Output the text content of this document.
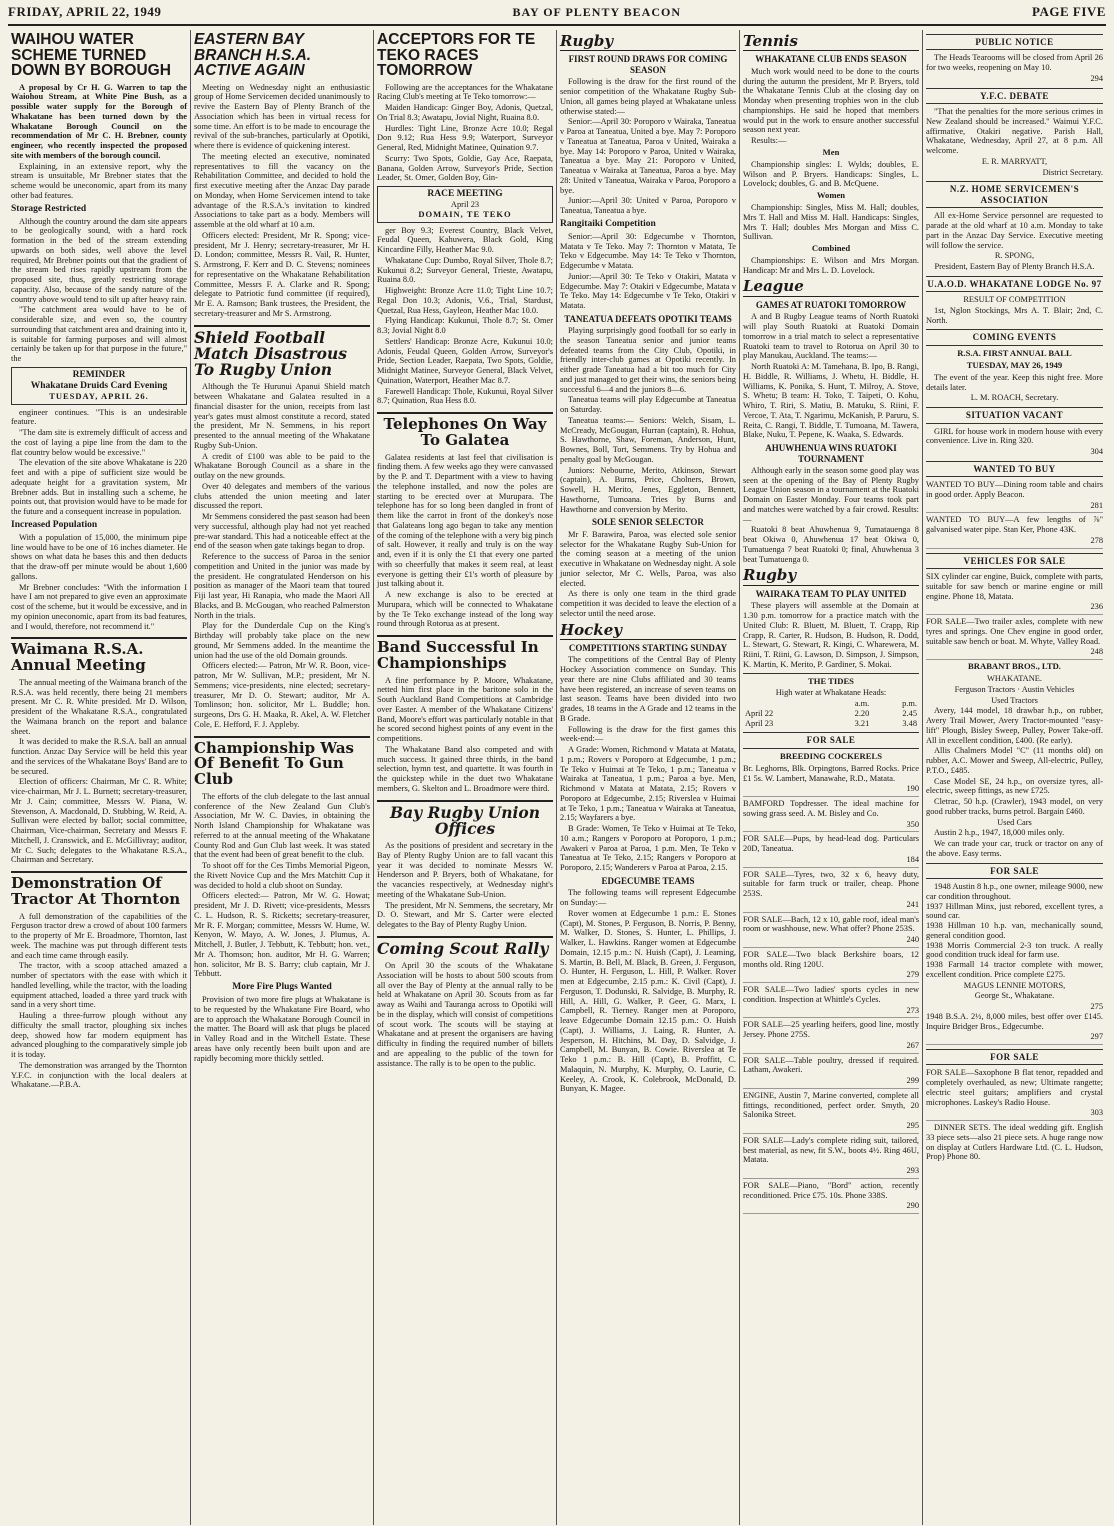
FRIDAY, APRIL 22, 1949	BAY OF PLENTY BEACON	PAGE FIVE
WAIHOU WATER SCHEME TURNED DOWN BY BOROUGH

A proposal by Cr H. G. Warren to tap the Waiohou Stream, at White Pine Bush, as a possible water supply for the Borough of Whakatane has been turned down by the Whakatane Borough Council on the recommendation of Mr C. H. Brebner, county engineer, who recently inspected the proposed site with members of the borough council.

Explaining, in an extensive report, why the stream is unsuitable, Mr Brebner states that the scheme would be uneconomic, apart from its many other bad features.

Storage Restricted

Although the country around the dam site appears to be geologically sound, with a hard rock formation in the bed of the stream extending upwards on both sides, well above the level required, Mr Brebner points out that the gradient of the stream bed rises rapidly upstream from the proposed site, thus, greatly restricting storage capacity. Also, because of the sandy nature of the country above would tend to silt up after heavy rain.

"The catchment area would have to be of considerable size, and even so, the country surrounding that catchment area and draining into it, is suitable for farming purposes and will almost certainly be taken up for that purpose in the future," the

REMINDER
Whakatane Druids Card Evening
TUESDAY, APRIL 26.

engineer continues. "This is an undesirable feature.

"The dam site is extremely difficult of access and the cost of laying a pipe line from the dam to the flat country below would be excessive."

The elevation of the site above Whakatane is 220 feet and with a pipe of sufficient size would be adequate height for a gravitation system, Mr Brebner adds. But in installing such a scheme, he points out, that provision would have to be made for the future and a consequent increase in population.

Increased Population

With a population of 15,000, the minimum pipe line would have to be one of 16 inches diameter. He shows on what data he bases this and then deducts that the draw-off per minute would be about 1,600 gallons.

Mr Brebner concludes: "With the information I have I am not prepared to give even an approximate cost of the scheme, but it would be excessive, and in my opinion uneconomic, apart from its bad features, and I would, therefore, not recommend it."

Waimana R.S.A. Annual Meeting

The annual meeting of the Waimana branch of the R.S.A. was held recently, there being 21 members present. Mr C. R. White presided. Mr D. Wilson, president of the Whakatane R.S.A., congratulated the Waimana branch on the report and balance sheet.

It was decided to make the R.S.A. ball an annual function. Anzac Day Service will be held this year and the services of the Whakatane Boys' Band are to be secured.

Election of officers: Chairman, Mr C. R. White; vice-chairman, Mr J. L. Burnett; secretary-treasurer, Mr J. Cain; committee, Messrs W. Piana, W. Stevenson, A. Macdonald, D. Stubbing, W. Reid, A. Sullivan were elected by ballot; social committee, Chairman, Vice-chairman, Secretary and Messrs F. Mitchell, J. Cranswick, and E. McGillivray; auditor, Mr C. Such; delegates to the Whakatane R.S.A., Chairman and Secretary.

Demonstration Of Tractor At Thornton

A full demonstration of the capabilities of the Ferguson tractor drew a crowd of about 100 farmers to the property of Mr E. Broadmore, Thornton, last week. The machine was put through different tests and each time came through easily.

The tractor, with a scoop attached amazed a number of spectators with the ease with which it handled levelling, while the tractor, with the loading equipment attached, loaded a three yard truck with sand in a very short time.

Hauling a three-furrow plough without any difficulty the small tractor, ploughing six inches deep, showed how far modern equipment has advanced ploughing to the comparatively simple job it is today.

The demonstration was arranged by the Thornton Y.F.C. in conjunction with the local dealers at Whakatane.—P.B.A.

EASTERN BAY BRANCH H.S.A. ACTIVE AGAIN

Meeting on Wednesday night an enthusiastic group of Home Servicemen decided unanimously to revive the Eastern Bay of Plenty Branch of the Association which has been in virtual recess for some time. An effort is to be made to encourage the revival of the sub-branches, particularly at Opotiki, where there is evidence of quickening interest.

The meeting elected an executive, nominated representatives to fill the vacancy on the Rehabilitation Committee, and decided to hold the first executive meeting after the Anzac Day parade on Monday, when Home Servicemen intend to take advantage of the R.S.A.'s invitation to kindred Associations to take part as a body. Members will assemble at the old wharf at 10 a.m.

Officers elected: President, Mr R. Spong; vice-president, Mr J. Henry; secretary-treasurer, Mr H. D. London; committee, Messrs R. Vail, R. Hunter, S. Armstrong, F. Kerr and D. C. Stevens; nominees for representative on the Whakatane Rehabilitation Committee, Messrs F. A. Clarke and R. Spong; delegate to Patriotic fund committee (if required), Mr E. A. Ramson; Bank trustees, the President, the secretary-treasurer and Mr S. Armstrong.

Shield Football Match Disastrous To Rugby Union

Although the Te Hurunui Apanui Shield match between Whakatane and Galatea resulted in a financial disaster for the union, receipts from last year's gates must almost constitute a record, stated the president, Mr N. Semmens, in his report presented to the annual meeting of the Whakatane Rugby Sub-Union.

A credit of £100 was able to be paid to the Whakatane Borough Council as a share in the outlay on the new grounds.

Over 40 delegates and members of the various clubs attended the union meeting and later discussed the report.

Mr Semmens considered the past season had been very successful, although play had not yet reached pre-war standard. This had a noticeable effect at the end of the season when gate takings began to drop.

Reference to the success of Paroa in the senior competition and United in the junior was made by the president. He congratulated Henderson on his position as manager of the Maori team that toured Fiji last year, Hi Ranapia, who made the Maori All Blacks, and B. McGougan, who reached Palmerston North in the trials.

Play for the Dunderdale Cup on the King's Birthday will probably take place on the new ground, Mr Semmens added. In the meantime the union had the use of the old Domain grounds.

Officers elected:— Patron, Mr W. R. Boon, vice-patron, Mr W. Sullivan, M.P.; president, Mr N. Semmens; vice-presidents, nine elected; secretary-treasurer, Mr D. O. Stewart; auditor, Mr A. Tomlinson; hon. solicitor, Mr L. Buddle; hon. surgeons, Drs G. H. Maaka, R. Akel, A. W. Fletcher Cole, E. Hefford, F. J. Appleby.

Championship Was Of Benefit To Gun Club

The efforts of the club delegate to the last annual conference of the New Zealand Gun Club's Association, Mr W. C. Davies, in obtaining the North Island Championship for Whakatane was referred to at the annual meeting of the Whakatane County Rod and Gun Club last week. It was stated that the event had been of great benefit to the club.

To shoot off for the Ces Timbs Memorial Pigeon, the Rivett Novice Cup and the Mrs Matchitt Cup it was decided to hold a club shoot on Sunday.

Officers elected:— Patron, Mr W. G. Howat; president, Mr J. D. Rivett; vice-presidents, Messrs C. L. Hudson, R. S. Ricketts; secretary-treasurer, Mr R. F. Morgan; committee, Messrs W. Hume, W. Kenyon, W. Mayo, A. W. Jones, J. Plumus, A. Mitchell, J. Butler, J. Tebbutt, K. Tebbutt; hon. vet., Mr A. Thomson; hon. auditor, Mr H. G. Warren; hon. solicitor, Mr B. S. Barry; club captain, Mr J. Tebbutt.

More Fire Plugs Wanted

Provision of two more fire plugs at Whakatane is to be requested by the Whakatane Fire Board, who are to approach the Whakatane Borough Council in the matter. The Board will ask that plugs be placed in Valley Road and in the Witchell Estate. These areas have only recently been built upon and are rapidly becoming more thickly settled.

ACCEPTORS FOR TE TEKO RACES TOMORROW

Following are the acceptances for the Whakatane Racing Club's meeting at Te Teko tomorrow:—

Maiden Handicap: Ginger Boy, Adonis, Quetzal, On Trial 8.3; Awatapu, Jovial Night, Ruaina 8.0.

Hurdles: Tight Line, Bronze Acre 10.0; Regal Don 9.12; Rua Hess 9.9; Waterport, Surveyor General, Red, Midnight Matinee, Quination 9.7.

Scurry: Two Spots, Goldie, Gay Ace, Raepata, Banana, Golden Arrow, Surveyor's Pride, Section Leader, St. Omer, Golden Boy, Gin-

RACE MEETING
April 23
DOMAIN, TE TEKO

ger Boy 9.3; Everest Country, Black Velvet, Feudal Queen, Kahuwera, Black Gold, King Kincardine Filly, Heather Mac 9.0.

Whakatane Cup: Dumbo, Royal Silver, Thole 8.7; Kukunui 8.2; Surveyor General, Trieste, Awatapu, Ruaina 8.0.

Highweight: Bronze Acre 11.0; Tight Line 10.7; Regal Don 10.3; Adonis, V.6., Trial, Stardust, Quetzal, Rua Hess, Gayleon, Heather Mac 10.0.

Flying Handicap: Kukunui, Thole 8.7; St. Omer 8.3; Jovial Night 8.0

Settlers' Handicap: Bronze Acre, Kukunui 10.0; Adonis, Feudal Queen, Golden Arrow, Surveyor's Pride, Section Leader, Raepata, Two Spots, Goldie, Midnight Matinee, Surveyor General, Black Velvet, Quination, Waterport, Heather Mac 8.7.

Farewell Handicap: Thole, Kukunui, Royal Silver 8.7; Quination, Rua Hess 8.0.

Telephones On Way To Galatea

Galatea residents at last feel that civilisation is finding them. A few weeks ago they were canvassed by the P. and T. Department with a view to having the telephone installed, and now the poles are starting to be erected over at Murupara. The telephone has for so long been dangled in front of them like the carrot in front of the donkey's nose that Galateans long ago began to take any mention of the coming of the telephone with a very big pinch of salt. However, it really and truly is on the way and, even if it is only the £1 that every one parted with so cheerfully that makes it seem real, at least everyone is getting their £1's worth of pleasure by just talking about it.

A new exchange is also to be erected at Murupara, which will be connected to Whakatane by the Te Teko exchange instead of the long way round through Rotorua as at present.

Band Successful In Championships

A fine performance by P. Moore, Whakatane, netted him first place in the baritone solo in the South Auckland Band Competitions at Cambridge over Easter. A member of the Whakatane Citizens' Band, Moore's effort was particularly notable in that he scored second highest points of any event in the competitions.

The Whakatane Band also competed and with much success. It gained three thirds, in the band selection, hymn test, and quartette. It was fourth in the quickstep while in the duet two Whakatane members, G. Skelton and L. Broadmore were third.

Bay Rugby Union Offices

As the positions of president and secretary in the Bay of Plenty Rugby Union are to fall vacant this year it was decided to nominate Messrs W. Henderson and P. Bryers, both of Whakatane, for the vacancies respectively, at Wednesday night's meeting of the Whakatane Sub-Union.

The president, Mr N. Semmens, the secretary, Mr D. O. Stewart, and Mr S. Carter were elected delegates to the Bay of Plenty Rugby Union.

Coming Scout Rally

On April 30 the scouts of the Whakatane Association will be hosts to about 500 scouts from all over the Bay of Plenty at the annual rally to be held at Whakatane on April 30. Scouts from as far away as Waihi and Tauranga across to Opotiki will be in the display, which will consist of competitions of scout work. The scouts will be staying at Whakatane and at present the organisers are having difficulty in finding the required number of billets and are appealing to the public of the town for assistance. The rally is to be open to the public.

Rugby
FIRST ROUND DRAWS FOR COMING SEASON

Following is the draw for the first round of the senior competition of the Whakatane Rugby Sub-Union, all games being played at Whakatane unless otherwise stated:—

Senior:—April 30: Poroporo v Wairaka, Taneatua v Paroa at Taneatua, United a bye. May 7: Poroporo v Taneatua at Taneatua, Paroa v United, Wairaka a bye. May 14: Poroporo v Paroa, United v Wairaka, Taneatua a bye. May 21: Poroporo v United, Taneatua v Wairaka at Taneatua, Paroa a bye. May 28: United v Taneatua, Wairaka v Paroa, Poroporo a bye.

Junior:—April 30: United v Paroa, Poroporo v Taneatua, Taneatua a bye.

Rangitaiki Competition

Senior:—April 30: Edgecumbe v Thornton, Matata v Te Teko. May 7: Thornton v Matata, Te Teko v Edgecumbe. May 14: Te Teko v Thornton, Edgecumbe v Matata.

Junior:—April 30: Te Teko v Otakiri, Matata v Edgecumbe. May 7: Otakiri v Edgecumbe, Matata v Te Teko. May 14: Edgecumbe v Te Teko, Otakiri v Matata.

TANEATUA DEFEATS OPOTIKI TEAMS

Playing surprisingly good football for so early in the season Taneatua senior and junior teams defeated teams from the City Club, Opotiki, in friendly inter-club games at Opotiki recently. In either grade Taneatua had a bit too much for City and just managed to get their wins, the seniors being successful 6—4 and the juniors 8—6.

Taneatua teams will play Edgecumbe at Taneatua on Saturday.

Taneatua teams:— Seniors: Welch, Sisam, L. McCready, McGougan, Hurran (captain), R. Hohua, S. Hawthorne, Shaw, Foreman, Anderson, Hunt, Bownes, Boll, Tort, Semmens. Try by Hohua and penalty goal by McGougan.

Juniors: Nebourne, Merito, Atkinson, Stewart (captain), A. Burns, Price, Cholners, Brown, Sowell, H. Merito, Jenes, Eggleton, Bennett, Hawthorne, Tumoana. Tries by Burns and Hawthorne and conversion by Merito.

SOLE SENIOR SELECTOR

Mr F. Barawira, Paroa, was elected sole senior selector for the Whakatane Rugby Sub-Union for the coming season at a meeting of the union executive in Whakatane on Wednesday night. A sole junior selector, Mr C. Wells, Paroa, was also elected.

As there is only one team in the third grade competition it was decided to leave the election of a selector until the need arose.

Hockey
COMPETITIONS STARTING SUNDAY

The competitions of the Central Bay of Plenty Hockey Association commence on Sunday. This year there are nine Clubs affiliated and 30 teams have been registered, an increase of seven teams on last season. Teams have been divided into two grades, 18 teams in the A Grade and 12 teams in the B Grade.

Following is the draw for the first games this week-end:—

A Grade: Women, Richmond v Matata at Matata, 1 p.m.; Rovers v Poroporo at Edgecumbe, 1 p.m.; Te Teko v Huimai at Te Teko, 1 p.m.; Taneatua v Wairaka at Taneatua, 1 p.m.; Paroa a bye. Men, Richmond v Matata at Matata, 2.15; Rovers v Poroporo at Edgecumbe, 2.15; Riverslea v Huimai at Te Teko, 1 p.m.; Taneatua v Wairaka at Taneatua, 2.15; Wayfarers a bye.

B Grade: Women, Te Teko v Huimai at Te Teko, 10 a.m.; Rangers v Poroporo at Poroporo, 1 p.m.; Awakeri v Paroa at Paroa, 1 p.m. Men, Te Teko v Taneatua at Te Teko, 2.15; Rangers v Poroporo at Poroporo, 2.15; Wanderers v Paroa at Paroa, 2.15.

EDGECUMBE TEAMS

The following teams will represent Edgecumbe on Sunday:—

Rover women at Edgecumbe 1 p.m.: E. Stones (Capt), M. Stones, P. Ferguson, B. Norris, P. Benny, M. Walker, D. Stones, S. Hunter, L. Phillips, J. Walker, L. Hawkins. Ranger women at Edgecumbe Domain, 12.15 p.m.: N. Huish (Capt), J. Leaming, S. Martin, B. Bell, M. Black, B. Green, J. Ferguson, O. Hunter, H. Ferguson, L. Hill, P. Walker. Rover men at Edgecumbe, 2.15 p.m.: K. Civil (Capt), J. Ferguson, T. Dodunski, R. Salvidge, B. Murphy, R. Hill, A. Hill, G. Walker, P. Geer, G. Marx, I. Campbell, R. Tierney. Ranger men at Poroporo, leave Edgecumbe Domain 12.15 p.m.: O. Huish (Capt), J. Williams, J. Laing, R. Hunter, A. Jesperson, H. Hitchins, M. Day, D. Salvidge, J. Campbell, M. Bunyan, B. Cowie. Riverslea at Te Teko 1 p.m.: B. Hill (Capt), B. Proffitt, C. Malaquin, N. Murphy, K. Murphy, O. Laurie, C. Keeley, A. Crook, K. Colebrook, McDonald, D. Bunyan, K. Magee.

Tennis
WHAKATANE CLUB ENDS SEASON

Much work would need to be done to the courts during the autumn the president, Mr P. Bryers, told the Whakatane Tennis Club at the closing day on Monday when presenting trophies won in the club championships. He said he hoped that members would put in the work to ensure another successful season next year.

Results:—

Men

Championship singles: I. Wylds; doubles, E. Wilson and P. Bryers. Handicaps: Singles, L. Lovelock; doubles, G. and B. McQuene.

Women

Championship: Singles, Miss M. Hall; doubles, Mrs T. Hall and Miss M. Hall. Handicaps: Singles, Mrs T. Hall; doubles Mrs Morgan and Miss C. Sullivan.

Combined

Championships: E. Wilson and Mrs Morgan. Handicap: Mr and Mrs L. D. Lovelock.

League
GAMES AT RUATOKI TOMORROW

A and B Rugby League teams of North Ruatoki will play South Ruatoki at Ruatoki Domain tomorrow in a trial match to select a representative Ruatoki team to travel to Rotorua on April 30 to play Manukau, Auckland. The teams:—

North Ruatoki A: M. Tamehana, B. Ipo, B. Rangi, H. Biddle, R. Williams, J. Whetu, H. Biddle, H. Williams, K. Ponika, S. Hunt, T. Milroy, A. Stove, S. Whetu; B team: H. Toko, T. Taipeti, O. Kohu, Whiro, T. Riri, S. Matiu, B. Matuku, S. Riini, F. Vercoe, T. Ata, T. Ngarimu, McKanish, P. Paruru, S. Reita, C. Rangi, T. Biddle, T. Tumoana, M. Tawera, Blake, Nuku, T. Pepene, K. Waaka, S. Edwards.

AHUWHENUA WINS RUATOKI TOURNAMENT

Although early in the season some good play was seen at the opening of the Bay of Plenty Rugby League Union season in a tournament at the Ruatoki Domain on Easter Monday. Four teams took part and matches were watched by a fair crowd. Results:—

Ruatoki 8 beat Ahuwhenua 9, Tumatauenga 8 beat Okiwa 0, Ahuwhenua 17 beat Okiwa 0, Tumatuenga 7 beat Ruatoki 0; final, Ahuwhenua 3 beat Tumatuenga 0.

Rugby
WAIRAKA TEAM TO PLAY UNITED

These players will assemble at the Domain at 1.30 p.m. tomorrow for a practice match with the United Club: R. Bluett, M. Bluett, T. Crapp, Rip Crapp, R. Carter, R. Hudson, B. Hudson, R. Dodd, L. Stewart, G. Stewart, R. Kingi, C. Wharewera, M. Riini, T. Riini, G. Lawson, D. Simpson, J. Simpson, K. Martin, K. Merito, P. Gardiner, S. Mokai.

THE TIDES
High water at Whakatane Heads:
	a.m.	p.m.
April 22	2.20	2.45
April 23	3.21	3.48
FOR SALE
BREEDING COCKERELS

Br. Leghorns, Blk. Orpingtons, Barred Rocks. Price £1 5s. W. Lambert, Manawahe, R.D., Matata.

190

BAMFORD Topdresser. The ideal machine for sowing grass seed. A. M. Bisley and Co.

350

FOR SALE—Pups, by head-lead dog. Particulars 20D, Taneatua.

184

FOR SALE—Tyres, two, 32 x 6, heavy duty, suitable for farm truck or trailer, cheap. Phone 253S.

241

FOR SALE—Bach, 12 x 10, gable roof, ideal man's room or washhouse, new. What offer? Phone 253S.

240

FOR SALE—Two black Berkshire boars, 12 months old. Ring 120U.

279

FOR SALE—Two ladies' sports cycles in new condition. Inspection at Whittle's Cycles.

273

FOR SALE—25 yearling heifers, good line, mostly Jersey. Phone 275S.

267

FOR SALE—Table poultry, dressed if required. Latham, Awakeri.

299

ENGINE, Austin 7, Marine converted, complete all fittings, reconditioned, perfect order. Smyth, 20 Salonika Street.

295

FOR SALE—Lady's complete riding suit, tailored, best material, as new, fit S.W., boots 4½. Ring 46U, Matata.

293

FOR SALE—Piano, "Bord" action, recently reconditioned. Price £75. 10s. Phone 338S.

290
PUBLIC NOTICE

The Heads Tearooms will be closed from April 26 for two weeks, reopening on May 10.

294
Y.F.C. DEBATE

"That the penalties for the more serious crimes in New Zealand should be increased." Waimui Y.F.C. affirmative, Otakiri negative. Parish Hall, Whakatane, Wednesday, April 27, at 8 p.m. All welcome.

E. R. MARRYATT,
District Secretary.
N.Z. HOME SERVICEMEN'S ASSOCIATION

All ex-Home Service personnel are requested to parade at the old wharf at 10 a.m. Monday to take part in the Anzac Day Service. Executive meeting will follow the service.

R. SPONG,
President, Eastern Bay of Plenty Branch H.S.A.
U.A.O.D. WHAKATANE LODGE No. 97
RESULT OF COMPETITION

1st, Nglon Stockings, Mrs A. T. Blair; 2nd, C. North.

COMING EVENTS
R.S.A. FIRST ANNUAL BALL
TUESDAY, MAY 26, 1949

The event of the year. Keep this night free. More details later.

L. M. ROACH, Secretary.
SITUATION VACANT

GIRL for house work in modern house with every convenience. Live in. Ring 320.

304
WANTED TO BUY

WANTED TO BUY—Dining room table and chairs in good order. Apply Beacon.

281

WANTED TO BUY—A few lengths of ⅞" galvanised water pipe. Stan Ker, Phone 43K.

278
VEHICLES FOR SALE

SIX cylinder car engine, Buick, complete with parts, suitable for saw bench or marine engine or mill engine. Phone 18, Matata.

236

FOR SALE—Two trailer axles, complete with new tyres and springs. One Chev engine in good order, suitable saw bench or boat. M. Whyte, Valley Road.

248
BRABANT BROS., LTD.
WHAKATANE.
Ferguson Tractors · Austin Vehicles
Used Tractors

Avery, 144 model, 18 drawbar h.p., on rubber, Avery Trail Mower, Avery Tractor-mounted "easy-lift" Plough, Bisley Sweep, Pulley, Power Take-off. All in excellent condition, £400. (Re early).

Allis Chalmers Model "C" (11 months old) on rubber, A.C. Mower and Sweep, All-electric, Pulley, P.T.O., £485.

Case Model SE, 24 h.p., on oversize tyres, all-electric, sweep fittings, as new £725.

Cletrac, 50 h.p. (Crawler), 1943 model, on very good rubber tracks, burns petrol. Bargain £460.

Used Cars

Austin 2 h.p., 1947, 18,000 miles only.

We can trade your car, truck or tractor on any of the above. Easy terms.

FOR SALE

1948 Austin 8 h.p., one owner, mileage 9000, new car condition throughout.
1937 Hillman Minx, just rebored, excellent tyres, a sound car.
1938 Hillman 10 h.p. van, mechanically sound, general condition good.
1938 Morris Commercial 2-3 ton truck. A really good condition truck ideal for farm use.
1938 Farmall 14 tractor complete with mower, excellent condition. Price complete £275.

MAGUS LENNIE MOTORS,
George St., Whakatane.
275

1948 B.S.A. 2½, 8,000 miles, best offer over £145. Inquire Bridger Bros., Edgecumbe.

297
FOR SALE

FOR SALE—Saxophone B flat tenor, repadded and completely overhauled, as new; Ultimate rangette; electric steel guitars; amplifiers and crystal microphones. Laskey's Radio House.

303

DINNER SETS. The ideal wedding gift. English 33 piece sets—also 21 piece sets. A huge range now on display at Cutlers Hardware Ltd. (C. L. Hudson, Prop) Phone 80.
